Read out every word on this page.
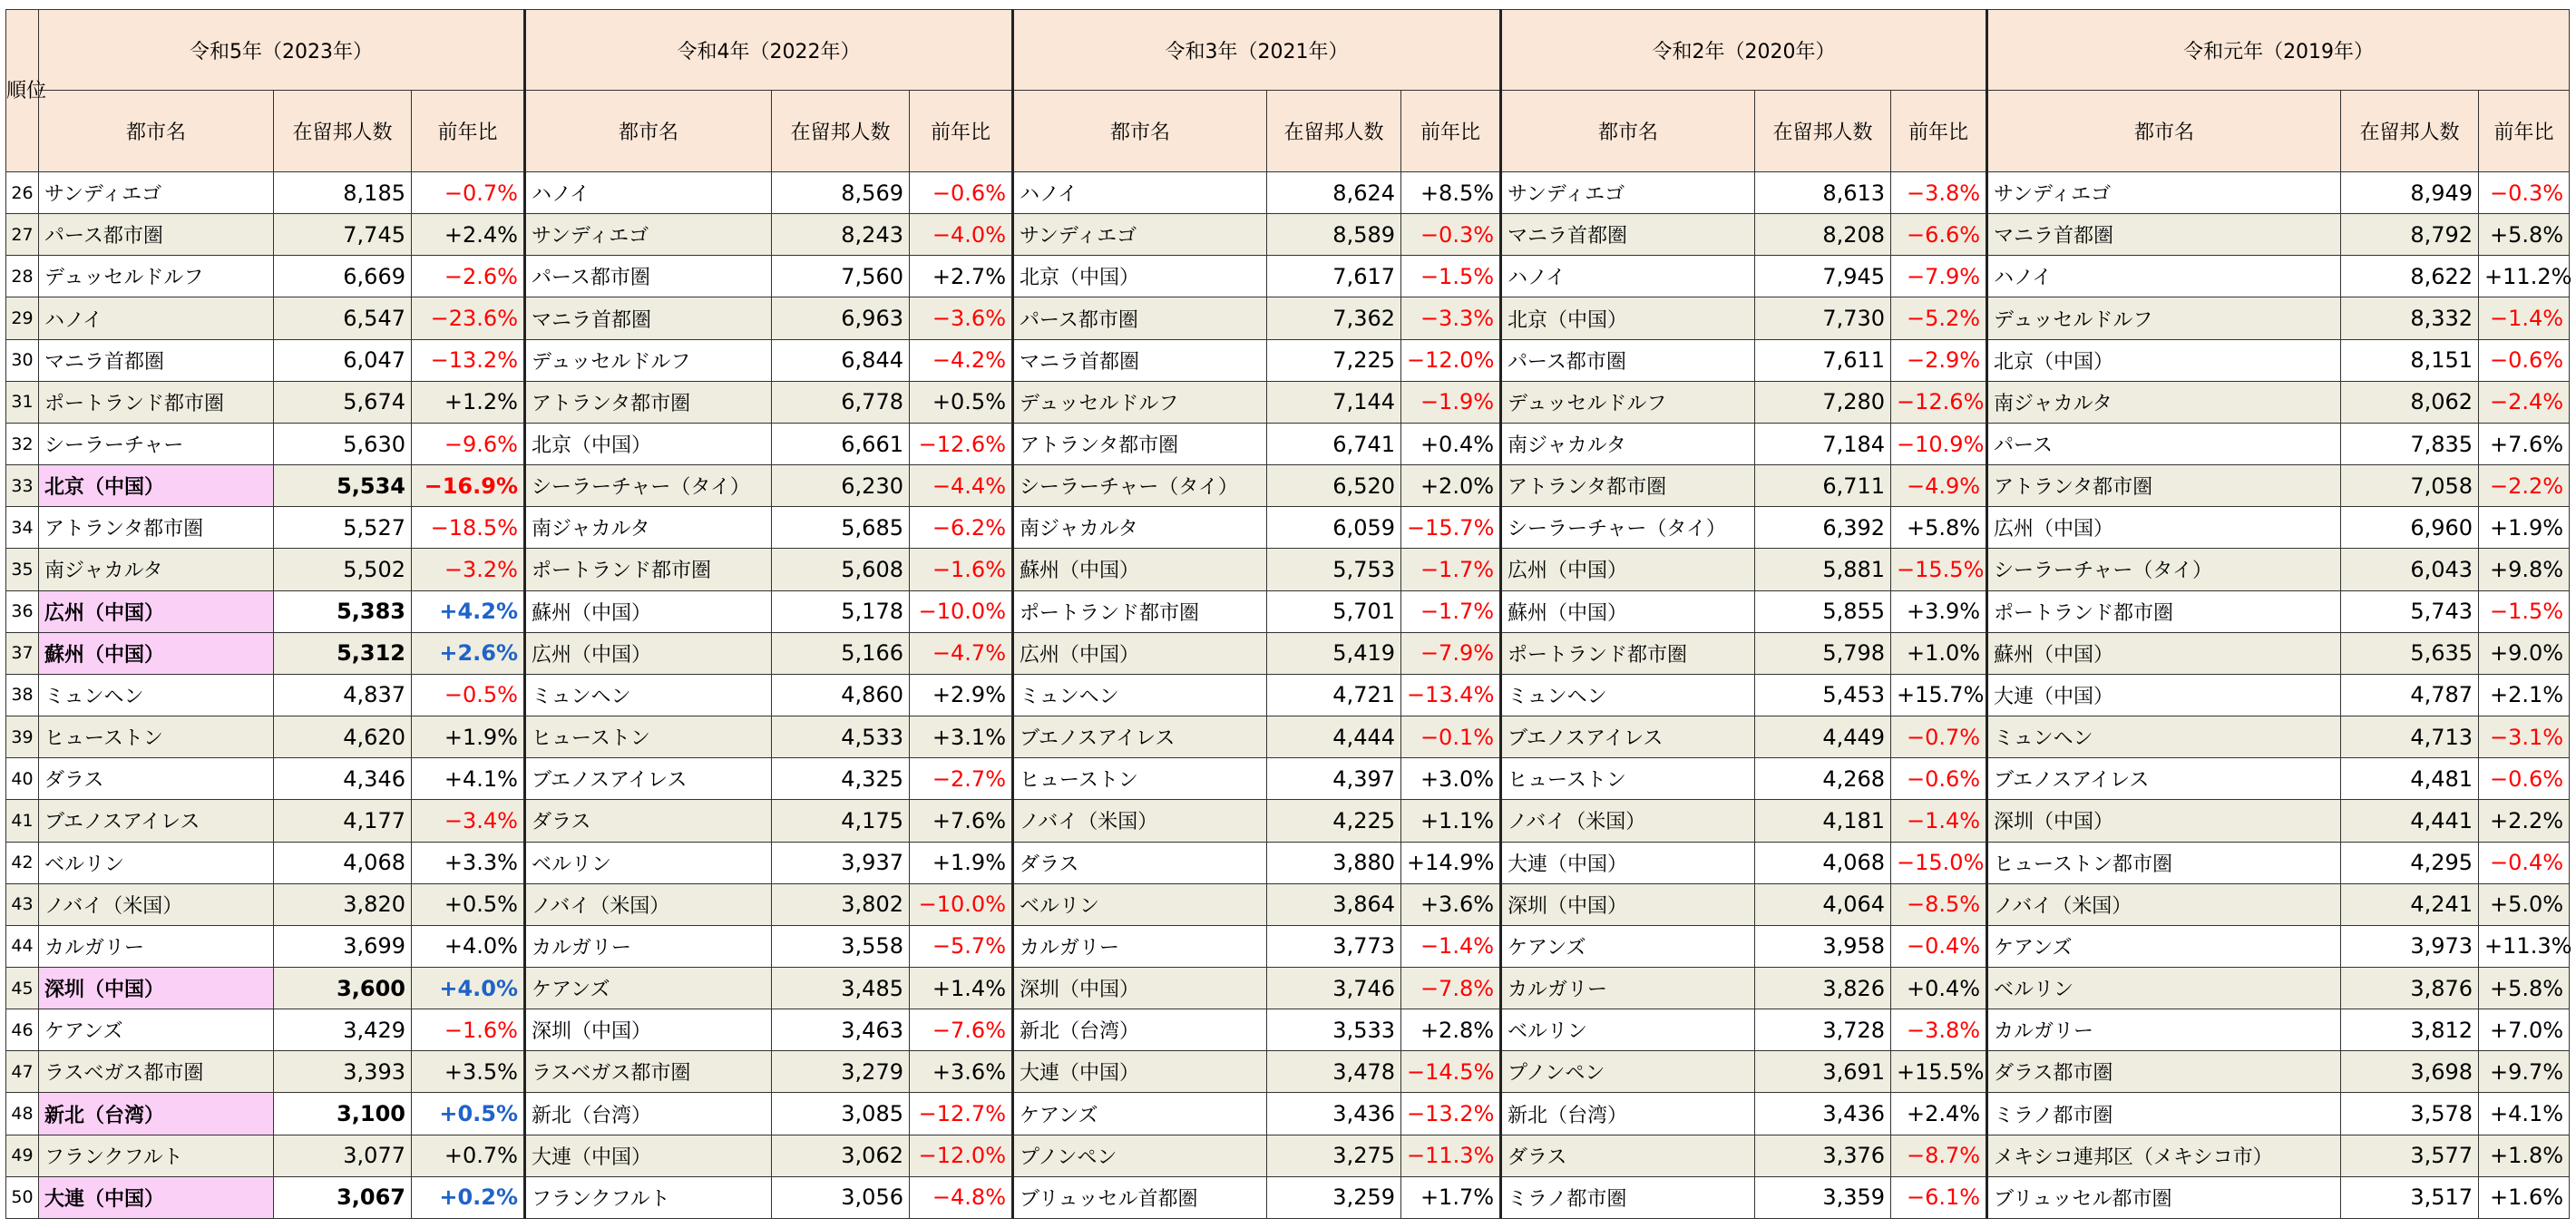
順位	令和5年（2023年）			令和4年（2022年）			令和3年（2021年）			令和2年（2020年）			令和元年（2019年）		
	都市名	在留邦人数	前年比	都市名	在留邦人数	前年比	都市名	在留邦人数	前年比	都市名	在留邦人数	前年比	都市名	在留邦人数	前年比
26	サンディエゴ	8,185	−0.7%	ハノイ	8,569	−0.6%	ハノイ	8,624	+8.5%	サンディエゴ	8,613	−3.8%	サンディエゴ	8,949	−0.3%
27	パース都市圏	7,745	+2.4%	サンディエゴ	8,243	−4.0%	サンディエゴ	8,589	−0.3%	マニラ首都圏	8,208	−6.6%	マニラ首都圏	8,792	+5.8%
28	デュッセルドルフ	6,669	−2.6%	パース都市圏	7,560	+2.7%	北京（中国）	7,617	−1.5%	ハノイ	7,945	−7.9%	ハノイ	8,622	+11.2%
29	ハノイ	6,547	−23.6%	マニラ首都圏	6,963	−3.6%	パース都市圏	7,362	−3.3%	北京（中国）	7,730	−5.2%	デュッセルドルフ	8,332	−1.4%
30	マニラ首都圏	6,047	−13.2%	デュッセルドルフ	6,844	−4.2%	マニラ首都圏	7,225	−12.0%	パース都市圏	7,611	−2.9%	北京（中国）	8,151	−0.6%
31	ポートランド都市圏	5,674	+1.2%	アトランタ都市圏	6,778	+0.5%	デュッセルドルフ	7,144	−1.9%	デュッセルドルフ	7,280	−12.6%	南ジャカルタ	8,062	−2.4%
32	シーラーチャー	5,630	−9.6%	北京（中国）	6,661	−12.6%	アトランタ都市圏	6,741	+0.4%	南ジャカルタ	7,184	−10.9%	パース	7,835	+7.6%
33	北京（中国）	5,534	−16.9%	シーラーチャー（タイ）	6,230	−4.4%	シーラーチャー（タイ）	6,520	+2.0%	アトランタ都市圏	6,711	−4.9%	アトランタ都市圏	7,058	−2.2%
34	アトランタ都市圏	5,527	−18.5%	南ジャカルタ	5,685	−6.2%	南ジャカルタ	6,059	−15.7%	シーラーチャー（タイ）	6,392	+5.8%	広州（中国）	6,960	+1.9%
35	南ジャカルタ	5,502	−3.2%	ポートランド都市圏	5,608	−1.6%	蘇州（中国）	5,753	−1.7%	広州（中国）	5,881	−15.5%	シーラーチャー（タイ）	6,043	+9.8%
36	広州（中国）	5,383	+4.2%	蘇州（中国）	5,178	−10.0%	ポートランド都市圏	5,701	−1.7%	蘇州（中国）	5,855	+3.9%	ポートランド都市圏	5,743	−1.5%
37	蘇州（中国）	5,312	+2.6%	広州（中国）	5,166	−4.7%	広州（中国）	5,419	−7.9%	ポートランド都市圏	5,798	+1.0%	蘇州（中国）	5,635	+9.0%
38	ミュンヘン	4,837	−0.5%	ミュンヘン	4,860	+2.9%	ミュンヘン	4,721	−13.4%	ミュンヘン	5,453	+15.7%	大連（中国）	4,787	+2.1%
39	ヒューストン	4,620	+1.9%	ヒューストン	4,533	+3.1%	ブエノスアイレス	4,444	−0.1%	ブエノスアイレス	4,449	−0.7%	ミュンヘン	4,713	−3.1%
40	ダラス	4,346	+4.1%	ブエノスアイレス	4,325	−2.7%	ヒューストン	4,397	+3.0%	ヒューストン	4,268	−0.6%	ブエノスアイレス	4,481	−0.6%
41	ブエノスアイレス	4,177	−3.4%	ダラス	4,175	+7.6%	ノバイ（米国）	4,225	+1.1%	ノバイ（米国）	4,181	−1.4%	深圳（中国）	4,441	+2.2%
42	ベルリン	4,068	+3.3%	ベルリン	3,937	+1.9%	ダラス	3,880	+14.9%	大連（中国）	4,068	−15.0%	ヒューストン都市圏	4,295	−0.4%
43	ノバイ（米国）	3,820	+0.5%	ノバイ（米国）	3,802	−10.0%	ベルリン	3,864	+3.6%	深圳（中国）	4,064	−8.5%	ノバイ（米国）	4,241	+5.0%
44	カルガリー	3,699	+4.0%	カルガリー	3,558	−5.7%	カルガリー	3,773	−1.4%	ケアンズ	3,958	−0.4%	ケアンズ	3,973	+11.3%
45	深圳（中国）	3,600	+4.0%	ケアンズ	3,485	+1.4%	深圳（中国）	3,746	−7.8%	カルガリー	3,826	+0.4%	ベルリン	3,876	+5.8%
46	ケアンズ	3,429	−1.6%	深圳（中国）	3,463	−7.6%	新北（台湾）	3,533	+2.8%	ベルリン	3,728	−3.8%	カルガリー	3,812	+7.0%
47	ラスベガス都市圏	3,393	+3.5%	ラスベガス都市圏	3,279	+3.6%	大連（中国）	3,478	−14.5%	プノンペン	3,691	+15.5%	ダラス都市圏	3,698	+9.7%
48	新北（台湾）	3,100	+0.5%	新北（台湾）	3,085	−12.7%	ケアンズ	3,436	−13.2%	新北（台湾）	3,436	+2.4%	ミラノ都市圏	3,578	+4.1%
49	フランクフルト	3,077	+0.7%	大連（中国）	3,062	−12.0%	プノンペン	3,275	−11.3%	ダラス	3,376	−8.7%	メキシコ連邦区（メキシコ市）	3,577	+1.8%
50	大連（中国）	3,067	+0.2%	フランクフルト	3,056	−4.8%	ブリュッセル首都圏	3,259	+1.7%	ミラノ都市圏	3,359	−6.1%	ブリュッセル都市圏	3,517	+1.6%
